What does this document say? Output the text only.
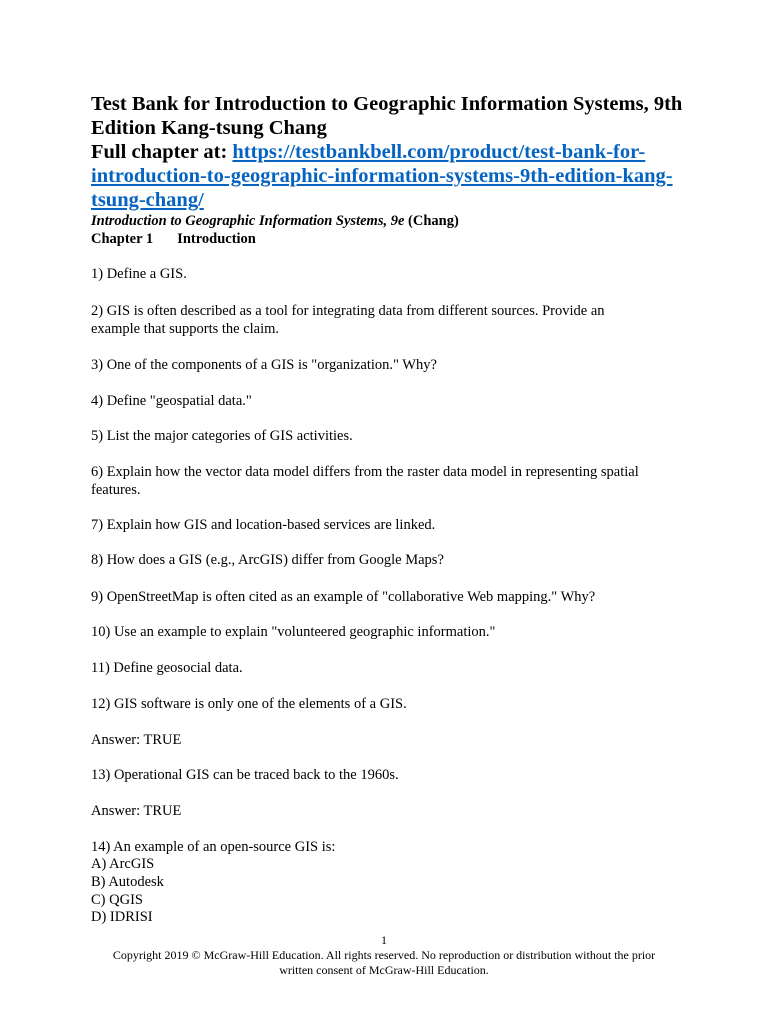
Test Bank for Introduction to Geographic Information Systems, 9th
Edition Kang-tsung Chang
Full chapter at: https://testbankbell.com/product/test-bank-for-
introduction-to-geographic-information-systems-9th-edition-kang-
tsung-chang/
Introduction to Geographic Information Systems, 9e (Chang)
Chapter 1 Introduction
1) Define a GIS.
2) GIS is often described as a tool for integrating data from different sources. Provide an
example that supports the claim.
3) One of the components of a GIS is "organization." Why?
4) Define "geospatial data."
5) List the major categories of GIS activities.
6) Explain how the vector data model differs from the raster data model in representing spatial
features.
7) Explain how GIS and location-based services are linked.
8) How does a GIS (e.g., ArcGIS) differ from Google Maps?
9) OpenStreetMap is often cited as an example of "collaborative Web mapping." Why?
10) Use an example to explain "volunteered geographic information."
11) Define geosocial data.
12) GIS software is only one of the elements of a GIS.
Answer: TRUE
13) Operational GIS can be traced back to the 1960s.
Answer: TRUE
14) An example of an open-source GIS is:
A) ArcGIS
B) Autodesk
C) QGIS
D) IDRISI
1
Copyright 2019 © McGraw-Hill Education. All rights reserved. No reproduction or distribution without the prior
written consent of McGraw-Hill Education.
